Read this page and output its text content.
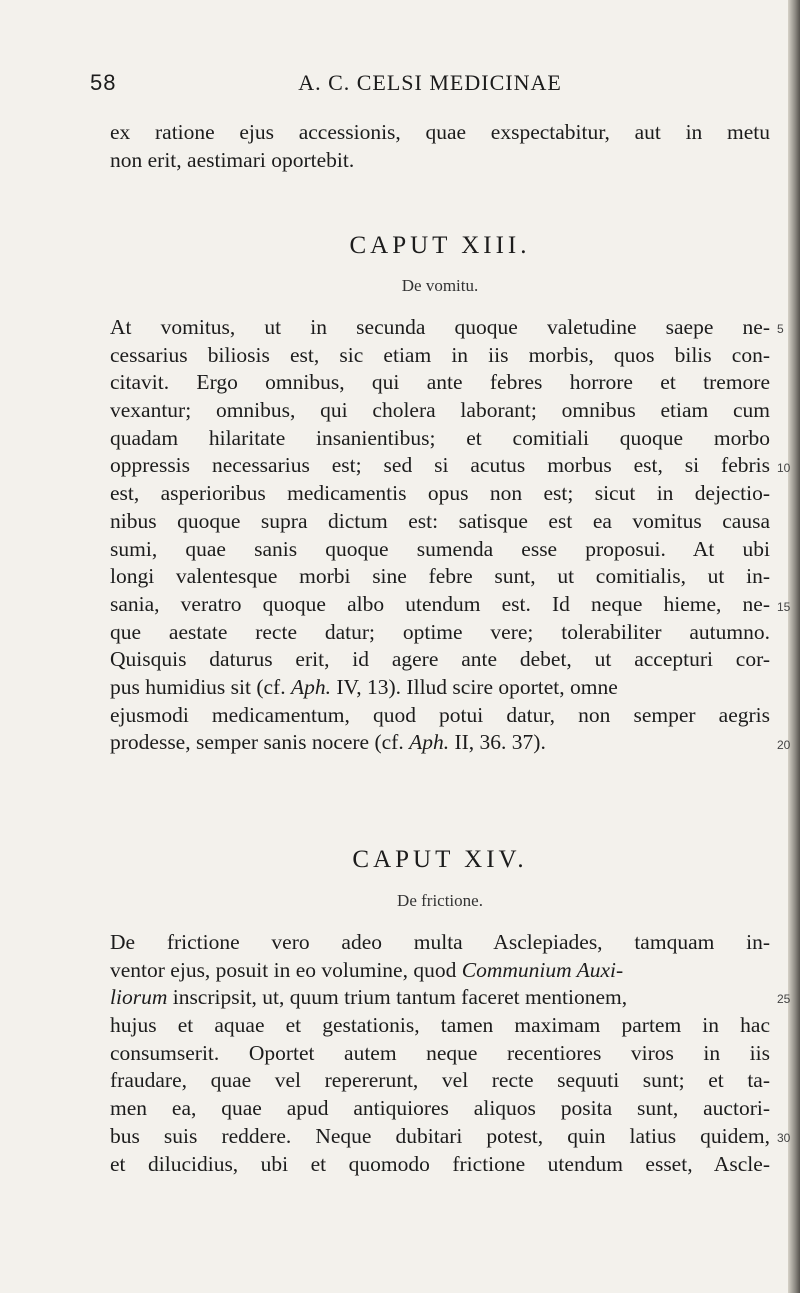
58	A. C. CELSI MEDICINAE
ex ratione ejus accessionis, quae exspectabitur, aut in metu
non erit, aestimari oportebit.
CAPUT XIII.
De vomitu.
At vomitus, ut in secunda quoque valetudine saepe ne-
cessarius biliosis est, sic etiam in iis morbis, quos bilis con-
citavit. Ergo omnibus, qui ante febres horrore et tremore
vexantur; omnibus, qui cholera laborant; omnibus etiam cum
quadam hilaritate insanientibus; et comitiali quoque morbo
oppressis necessarius est; sed si acutus morbus est, si febris
est, asperioribus medicamentis opus non est; sicut in dejectio-
nibus quoque supra dictum est: satisque est ea vomitus causa
sumi, quae sanis quoque sumenda esse proposui. At ubi
longi valentesque morbi sine febre sunt, ut comitialis, ut in-
sania, veratro quoque albo utendum est. Id neque hieme, ne-
que aestate recte datur; optime vere; tolerabiliter autumno.
Quisquis daturus erit, id agere ante debet, ut accepturi cor-
pus humidius sit (cf. Aph. IV, 13). Illud scire oportet, omne
ejusmodi medicamentum, quod potui datur, non semper aegris
prodesse, semper sanis nocere (cf. Aph. II, 36. 37).
CAPUT XIV.
De frictione.
De frictione vero adeo multa Asclepiades, tamquam in-
ventor ejus, posuit in eo volumine, quod Communium Auxi-
liorum inscripsit, ut, quum trium tantum faceret mentionem,
hujus et aquae et gestationis, tamen maximam partem in hac
consumserit. Oportet autem neque recentiores viros in iis
fraudare, quae vel repererunt, vel recte sequuti sunt; et ta-
men ea, quae apud antiquiores aliquos posita sunt, auctori-
bus suis reddere. Neque dubitari potest, quin latius quidem,
et dilucidius, ubi et quomodo frictione utendum esset, Ascle-
5
10
15
20
25
30
